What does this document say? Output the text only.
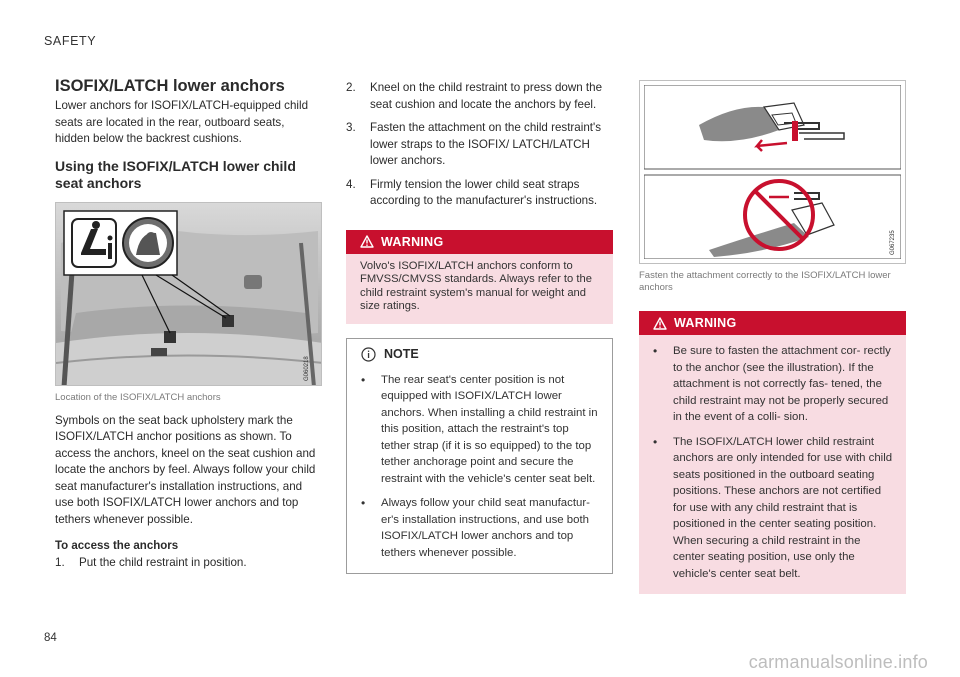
SAFETY
ISOFIX/LATCH lower anchors

Lower anchors for ISOFIX/LATCH-equipped child seats are located in the rear, outboard seats, hidden below the backrest cushions.

Using the ISOFIX/LATCH lower child seat anchors
G060218
Location of the ISOFIX/LATCH anchors

Symbols on the seat back upholstery mark the ISOFIX/LATCH anchor positions as shown. To access the anchors, kneel on the seat cushion and locate the anchors by feel. Always follow your child seat manufacturer's installation instructions, and use both ISOFIX/LATCH lower anchors and top tethers whenever possible.

To access the anchors
1.	Put the child restraint in position.
2.	Kneel on the child restraint to press down the seat cushion and locate the anchors by feel.
3.	Fasten the attachment on the child restraint's lower straps to the ISOFIX/ LATCH/LATCH lower anchors.
4.	Firmly tension the lower child seat straps according to the manufacturer's instructions.
WARNING
Volvo's ISOFIX/LATCH anchors conform to FMVSS/CMVSS standards. Always refer to the child restraint system's manual for weight and size ratings.
NOTE
•	The rear seat's center position is not equipped with ISOFIX/LATCH lower anchors. When installing a child restraint in this position, attach the restraint's top tether strap (if it is so equipped) to the top tether anchorage point and secure the restraint with the vehicle's center seat belt.
•	Always follow your child seat manufactur- er's installation instructions, and use both ISOFIX/LATCH lower anchors and top tethers whenever possible.
G067235
Fasten the attachment correctly to the ISOFIX/LATCH lower anchors
WARNING
•	Be sure to fasten the attachment cor- rectly to the anchor (see the illustration). If the attachment is not correctly fas- tened, the child restraint may not be properly secured in the event of a colli- sion.
•	The ISOFIX/LATCH lower child restraint anchors are only intended for use with child seats positioned in the outboard seating positions. These anchors are not certified for use with any child restraint that is positioned in the center seating position. When securing a child restraint in the center seating position, use only the vehicle's center seat belt.
84
carmanualsonline.info
